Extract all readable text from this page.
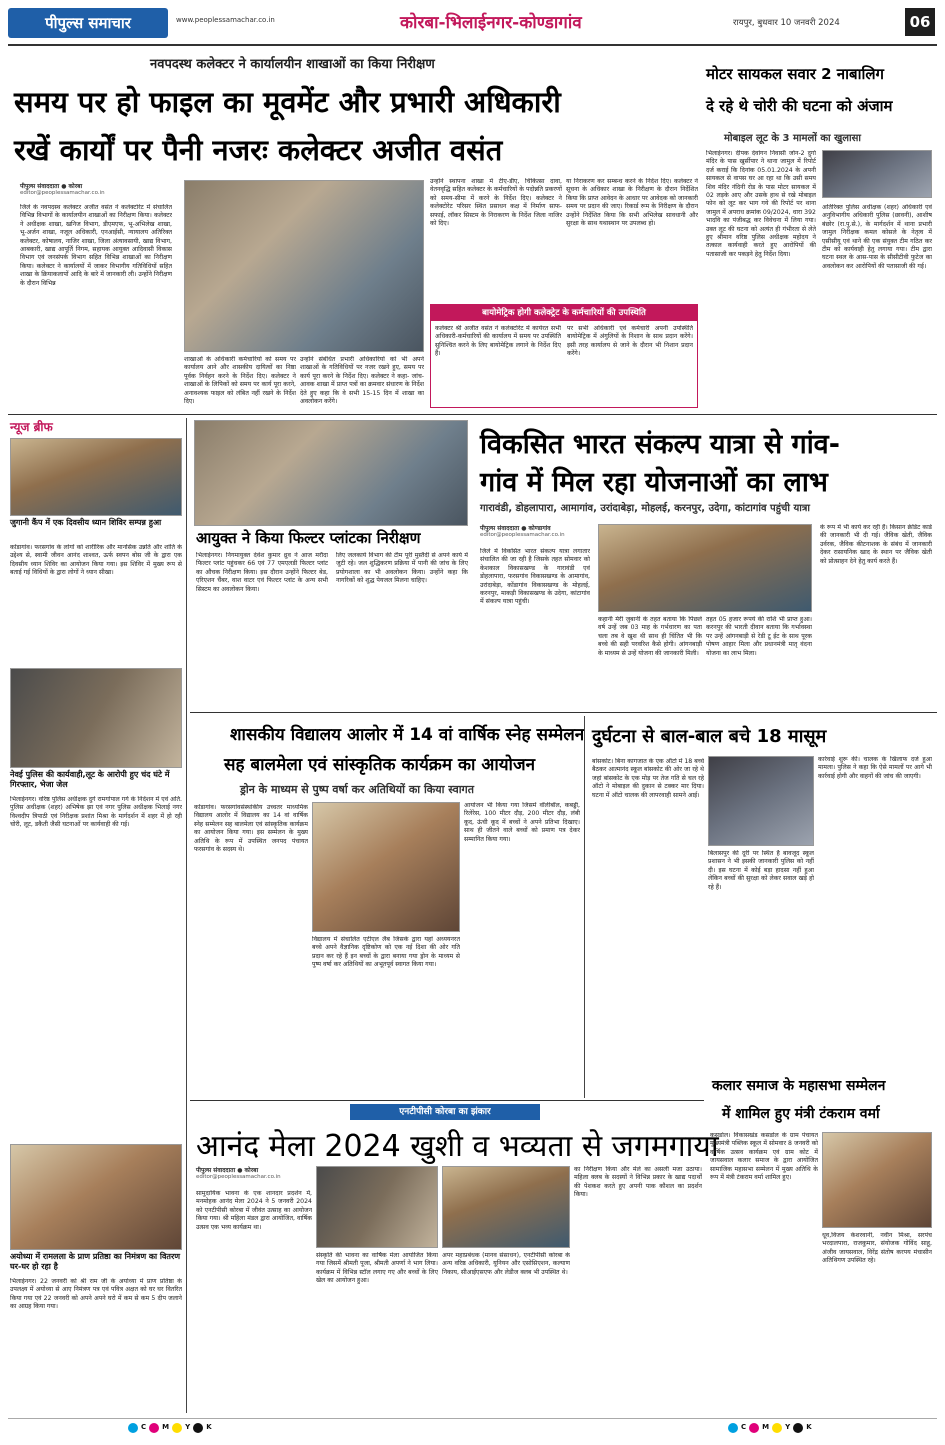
पीपुल्स समाचार	www.peoplessamachar.co.in	कोरबा-भिलाईनगर-कोण्डागांव	रायपुर, बुधवार 10 जनवरी 2024	06
नवपदस्थ कलेक्टर ने कार्यालयीन शाखाओं का किया निरीक्षण
समय पर हो फाइल का मूवमेंट और प्रभारी अधिकारी
रखें कार्यों पर पैनी नजरः कलेक्टर अजीत वसंत
पीपुल्स संवाददाता ● कोरबा
editor@peoplessamachar.co.in
जिले के नवपदस्थ कलेक्टर अजीत वसंत ने कलेक्टोरेट में संचालित विभिन्न विभागों के कार्यालयीन शाखाओं का निरीक्षण किया। कलेक्टर ने अधीक्षक शाखा, खनिज विभाग, डीएमएफ, भू-अभिलेख शाखा, भू-अर्जन शाखा, नजूल अधिकारी, एनआईसी, न्यायालय अतिरिक्त कलेक्टर, कोषालय, नाजिर शाखा, जिला अंत्यावसायी, खाद्य विभाग, आबकारी, खाद्य आपूर्ति निगम, सहायक आयुक्त आदिवासी विकास विभाग एवं जनसंपर्क विभाग सहित विभिन्न शाखाओं का निरीक्षण किया। कलेक्टर ने कार्यालयों में जाकर विभागीय गतिविधियों सहित शाखा के क्रियाकलापों आदि के बारे में जानकारी ली। उन्होंने निरीक्षण के दौरान विभिन्न
शाखाओं के अधिकारी कर्मचारियों को समय पर कार्यालय आने और शासकीय दायित्वों का निष्ठा पूर्वक निर्वहन करने के निर्देश दिए। कलेक्टर ने शाखाओं के लिपिकों को समय पर कार्य पूरा करने, अनावश्यक फाइल को लंबित नहीं रखने के निर्देश दिए।
उन्होंने संबंधित प्रभारी अधिकारियों को भी अपने शाखाओं के गतिविधियों पर नजर रखने हुए, समय पर कार्य पूरा करने के निर्देश दिए। कलेक्टर ने कहा- जांच-आवक शाखा में प्राप्त पत्रों का क्रमवार संधारण के निर्देश देते हुए कहा कि वे सभी 15-15 दिन में शाखा का अवलोकन करेंगे।
उन्होंने स्थापना शाखा में टीए-डीए, चिकित्सा दावा, वेतनवृद्धि सहित कलेक्टर के कर्मचारियों के पदोन्नति प्रकरणों को समय-सीमा में करने के निर्देश दिए। कलेक्टर ने कलेक्टोरेट परिसर स्थित प्रसाधन कक्ष में निर्माण साफ-सफाई, लॉकर सिस्टम के निराकरण के निर्देश जिला नाजिर को दिए।
या निराकरण कर सम्बन्ध करने के निर्देश दिए। कलेक्टर ने सूचना के अधिकार शाखा के निरीक्षण के दौरान निर्देशित किया कि प्राप्त आवेदन के आधार पर आवेदक को जानकारी समय पर प्रदान की जाए। रिकार्ड रूम के निरीक्षण के दौरान उन्होंने निर्देशित किया कि सभी अभिलेख सावधानी और सुरक्षा के साथ यथास्थान पर उपलब्ध हो।
बायोमेट्रिक होगी कलेक्ट्रेट के कर्मचारियों की उपस्थिति
कलेक्टर श्री अजीत वसंत ने कलेक्टोरेट में कार्यरत सभी अधिकारी-कर्मचारियों की कार्यालय में समय पर उपस्थिति सुनिश्चित करने के लिए बायोमेट्रिक लगाने के निर्देश दिए हैं।
पर सभी अधिकारी एवं कर्मचारी अपनी उपस्थिति बायोमेट्रिक में अंगुलियों के निशान के साथ प्रदान करेंगे। इसी तरह कार्यालय से जाने के दौरान भी निशान प्रदान करेंगे।
मोटर सायकल सवार 2 नाबालिग
दे रहे थे चोरी की घटना को अंजाम
मोबाइल लूट के 3 मामलों का खुलासा
भिलाईनगर। दीपक देवांगन निवासी जोन-2 दुर्गा मंदिर के पास खुर्सीपार ने थाना जामुल में रिपोर्ट दर्ज कराई कि दिनांक 05.01.2024 के अपनी सायकल से वापस घर आ रहा था कि उसी समय शिव मंदिर नंदिनी रोड के पास मोटर सायकल में 02 लड़के आए और उसके हाथ से रखे मोबाइल फोन को लूट कर भाग गये की रिपोर्ट पर थाना जामुल में अपराध क्रमांक 09/2024, धारा 392 भादवि का पंजीबद्ध कर विवेचना में लिया गया। उक्त लूट की घटना को अत्यंत ही गंभीरता से लेते हुए श्रीमान वरिष्ठ पुलिस अधीक्षक महोदय ने तत्काल कार्यवाही करते हुए आरोपियों की पतासाजी कर पकड़ने हेतु निर्देश दिया।
अतिरिक्त पुलिस अधीक्षक (शहर) अधिकारी एवं अनुविभागीय अधिकारी पुलिस (छावनी), आशीष बंछोर (रा.पु.से.), के मार्गदर्शन में थाना प्रभारी जामुल निरीक्षक कमल कोसले के नेतृत्व में एसीसीयू एवं थाने की एक संयुक्त टीम गठित कर टीम को कार्यवाही हेतु लगाया गया। टीम द्वारा घटना स्थल के आस-पास के सीसीटीवी फुटेज का अवलोकन कर आरोपियों की पतासाजी की गई।
न्यूज ब्रीफ
जुगानी कैंप में एक दिवसीय ध्यान शिविर सम्पन्न हुआ
कोंडागांव। फरसगांव के लोगों को शारीरिक और मानसिक उन्नति और शांति के उद्देश्य से, स्वामी जीवन आनंद शाश्वत, ऊर्फ स्वपन बोस जी के द्वारा एक दिवसीय ध्यान शिविर का आयोजन किया गया। इस शिविर में मुख्य रूप से बताई गई विधियों के द्वारा लोगों ने ध्यान सीखा।
नेवई पुलिस की कार्यवाही,लूट के आरोपी हुए चंद घंटे में गिरफ्तार, भेजा जेल
भिलाईनगर। वरिष्ठ पुलिस अधीक्षक दुर्ग रामगोपाल गर्ग के निर्देशन में एवं अति. पुलिस अधीक्षक (शहर) अभिषेक झा एवं नगर पुलिस अधीक्षक भिलाई नगर विश्वदीप त्रिपाठी एवं निरीक्षक प्रशांत मिश्रा के मार्गदर्शन में शहर में हो रही चोरी, लूट, डकैती जैसी घटनाओं पर कार्यवाही की गई।
अयोध्या में रामलला के प्राण प्रतिष्ठा का निमंत्रण का वितरण घर-घर हो रहा है
भिलाईनगर। 22 जनवरी को श्री राम जी के अयोध्या में प्राण प्रतिष्ठा के उपलक्ष्य में अयोध्या से आए निमंत्रण पत्र एवं पवित्र अक्षत को घर घर वितरित किया गया एवं 22 जनवरी को अपने अपने घरो में कम से कम 5 दीप जलाने का आग्रह किया गया।
आयुक्त ने किया फिल्टर प्लांटका निरीक्षण
भिलाईनगर। निगमायुक्त देवेश कुमार ध्रुव ने आज मरौदा फिल्टर प्लांट पहुंचकर 66 एवं 77 एमएलडी फिल्टर प्लांट का औचक निरीक्षण किया। इस दौरान उन्होंने फिल्टर बेड, एरिएशन चैंबर, वाश वाटर एवं फिल्टर प्लांट के अन्य सभी सिस्टम का अवलोकन किया।
लिए जलकार्य विभाग की टीम पूरी मुस्तैदी से अपने कार्य में जुटी रहे। जल शुद्धिकरण प्रक्रिया में पानी की जांच के लिए प्रयोगशाला का भी अवलोकन किया। उन्होंने कहा कि नागरिकों को शुद्ध पेयजल मिलना चाहिए।
विकसित भारत संकल्प यात्रा से गांव-
गांव में मिल रहा योजनाओं का लाभ
गारावंडी, डोहलापारा, आमागांव, उरांदाबेड़ा, मोहलई, करनपुर, उदेगा, कांटागांव पहुंची यात्रा
पीपुल्स संवाददाता ● कोण्डागांव
editor@peoplessamachar.co.in
जिले में विकसित भारत संकल्प यात्रा लगातार संचालित की जा रही है जिसके तहत सोमवार को केशकाल विकासखण्ड के गारावंडी एवं डोहलापारा, फरसगांव विकासखण्ड के आमागांव, उरांदाबेड़ा, कोंडागांव विकासखण्ड के मोहलई, करनपुर, माकड़ी विकासखण्ड के उदेगा, कांटागांव में संकल्प यात्रा पहुंची।
कहानी मेरी जुबानी के तहत बताया कि पिछले वर्ष उन्हें जब 03 माह के गर्भधारण का पता चला तब वे खुश थी साथ ही चिंतित भी कि बच्चे की सही परवरिश कैसे होगी। आंगनबाड़ी के माध्यम से उन्हें योजना की जानकारी मिली।
तहत 05 हजार रूपये की राशि भी प्राप्त हुआ। करनपुर की भारती दीवान बताया कि गर्भावस्था पर उन्हें आंगनबाड़ी से रेडी टू ईट के साथ पूरक पोषण आहार मिला और प्रधानमंत्री मातृ वंदना योजना का लाभ मिला।
के रूप में भी कार्य कर रही हैं। किसान क्रेडिट कार्ड की जानकारी भी दी गई। जैविक खेती, जैविक उर्वरक, जैविक कीटनाशक के संबंध में जानकारी देकर रासायनिक खाद के स्थान पर जैविक खेती को प्रोत्साहन देने हेतु कार्य करते हैं।
शासकीय विद्यालय आलोर में 14 वां वार्षिक स्नेह सम्मेलन
सह बालमेला एवं सांस्कृतिक कार्यक्रम का आयोजन
ड्रोन के माध्यम से पुष्प वर्षा कर अतिथियों का किया स्वागत
कोंडागांव। फरसगांवसंस्थांकीय उच्चतर माध्यमिक विद्यालय आलोर में विद्यालय का 14 वां वार्षिक स्नेह सम्मेलन सह बालमेला एवं सांस्कृतिक कार्यक्रम का आयोजन किया गया। इस सम्मेलन के मुख्य अतिथि के रूप में उपस्थित जनपद पंचायत फरसगांव के सदस्य थे।
विद्यालय में संचालित एटीएल लैब जिसके द्वारा यहां अध्ययनरत बच्चे अपने वैज्ञानिक दृष्टिकोण को एक नई दिशा की ओर गति प्रदान कर रहे हैं इन बच्चों के द्वारा बनाया गया ड्रोन के माध्यम से पुष्प वर्षा कर अतिथियों का अभूतपूर्व स्वागत किया गया।
आयोजन भी किया गया जिसमें वॉलीबॉल, कबड्डी, रिलेरेस, 100 मीटर दौड़, 200 मीटर दौड़, लंबी कूद, ऊंची कूद में बच्चों ने अपने प्रतिभा दिखाए। साथ ही जीतने वाले बच्चों को प्रमाण पत्र देकर सम्मानित किया गया।
दुर्घटना से बाल-बाल बचे 18 मासूम
बांसकोट। बिना कागजात के एक ऑटो में 18 बच्चे बैठकर आत्मानंद स्कूल बांसकोट की ओर जा रहे थे जहां बांसकोट के एक मोड़ पर तेज गति से चल रहे ऑटो ने मोबाइल की दुकान से टक्कर मार दिया। घटना में ऑटो चालक की लापरवाही सामने आई।
बिलासपुर की दूरी पर स्थित है बावजूद स्कूल प्रशासन ने भी इसकी जानकारी पुलिस को नहीं दी। इस घटना में कोई बड़ा हादसा नहीं हुआ लेकिन बच्चों की सुरक्षा को लेकर सवाल खड़े हो रहे हैं।
कार्रवाई शुरू की। चालक के खिलाफ दर्ज हुआ मामला। पुलिस ने कहा कि ऐसे मामलों पर आगे भी कार्रवाई होगी और वाहनों की जांच की जाएगी।
एनटीपीसी कोरबा का झंकार
आनंद मेला 2024 खुशी व भव्यता से जगमगाया
पीपुल्स संवाददाता ● कोरबा
editor@peoplessamachar.co.in
सामुदायिक भावना के एक शानदार प्रदर्शन में, मनमोहक आनंद मेला 2024 ने 5 जनवरी 2024 को एनटीपीसी कोरबा में जीवंत उत्साह का आयोजन किया गया। श्री महिला मंडल द्वारा आयोजित, वार्षिक उत्सव एक भव्य कार्यक्रम था।
संस्कृति की भावना का वार्षिक मेला आयोजित किया गया जिसमें श्रीमती पूजा, श्रीमती अपर्णा ने भाग लिया। कार्यक्रम में विभिन्न स्टॉल लगाए गए और बच्चों के लिए खेल का आयोजन हुआ।
अपर महाप्रबंधक (मानव संसाधन), एनटीपीसी कोरबा के अन्य वरिष्ठ अधिकारी, यूनियन और एसोसिएशन, कल्याण निकाय, सीआईएसएफ और लेडीज क्लब भी उपस्थित थे।
का निरीक्षण किया और मेले का असली मजा उठाया। महिला क्लब के सदस्यों ने विभिन्न प्रकार के खाद्य पदार्थों की पेशकश करते हुए अपनी पाक कौशल का प्रदर्शन किया।
कलार समाज के महासभा सम्मेलन
में शामिल हुए मंत्री टंकराम वर्मा
कसडोल। विकासखंड कसडोल के ग्राम पंचायत मुख्यमंत्री पब्लिक स्कूल में सोमवार 8 जनवरी को वार्षिक उत्सव कार्यक्रम एवं ग्राम कोट में जायसवाल कलार समाज के द्वारा आयोजित सामाजिक महासभा सम्मेलन में मुख्य अतिथि के रूप में मंत्री टंकराम वर्मा शामिल हुए।
धूव,विजय केशरवानी, नवीन मिश्रा, सरपंच भरदालपारा, राजकुमार, संयोजक गोविंद साहू, अंजीव जायसवाल, विरेंद्र संतोष करपय मंचासीन अतिथिगण उपस्थित रहे।
C M Y K	C M Y K
